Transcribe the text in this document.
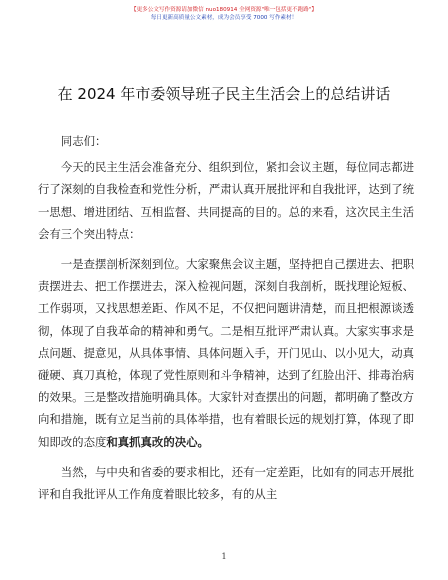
【更多公文写作资源请加微信 nuo180914 全网资源"唯一包括更不跑路"】
每日更新高质量公文素材，成为会员享受 7000 写作素材！
在 2024 年市委领导班子民主生活会上的总结讲话

同志们：

今天的民主生活会准备充分、组织到位，紧扣会议主题，每位同志都进行了深刻的自我检查和党性分析，严肃认真开展批评和自我批评，达到了统一思想、增进团结、互相监督、共同提高的目的。总的来看，这次民主生活会有三个突出特点：

一是查摆剖析深刻到位。大家聚焦会议主题，坚持把自己摆进去、把职责摆进去、把工作摆进去，深入检视问题，深刻自我剖析，既找理论短板、工作弱项，又找思想差距、作风不足，不仅把问题讲清楚，而且把根源谈透彻，体现了自我革命的精神和勇气。二是相互批评严肃认真。大家实事求是点问题、提意见，从具体事情、具体问题入手，开门见山、以小见大，动真碰硬、真刀真枪，体现了党性原则和斗争精神，达到了红脸出汗、排毒治病的效果。三是整改措施明确具体。大家针对查摆出的问题，都明确了整改方向和措施，既有立足当前的具体举措，也有着眼长远的规划打算，体现了即知即改的态度和真抓真改的决心。

当然，与中央和省委的要求相比，还有一定差距，比如有的同志开展批评和自我批评从工作角度着眼比较多，有的从主

1
